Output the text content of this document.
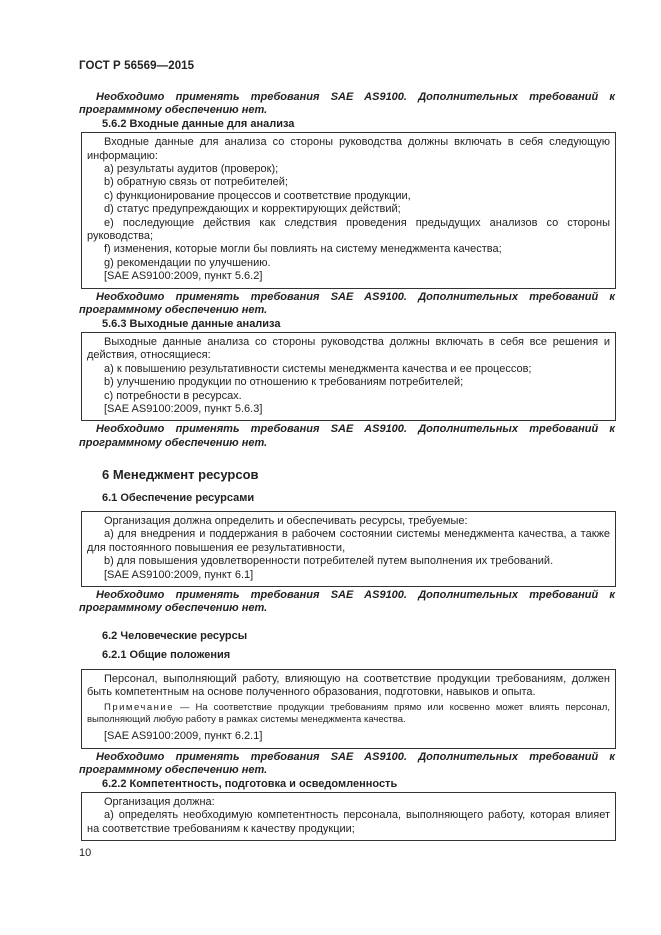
ГОСТ Р 56569—2015

Необходимо применять требования SAE AS9100. Дополнительных требований к программному обеспечению нет.

5.6.2 Входные данные для анализа

Входные данные для анализа со стороны руководства должны включать в себя следующую информацию:

a) результаты аудитов (проверок);

b) обратную связь от потребителей;

c) функционирование процессов и соответствие продукции,

d) статус предупреждающих и корректирующих действий;

e) последующие действия как следствия проведения предыдущих анализов со стороны руководства;

f) изменения, которые могли бы повлиять на систему менеджмента качества;

g) рекомендации по улучшению.

[SAE AS9100:2009, пункт 5.6.2]

Необходимо применять требования SAE AS9100. Дополнительных требований к программному обеспечению нет.

5.6.3 Выходные данные анализа

Выходные данные анализа со стороны руководства должны включать в себя все решения и действия, относящиеся:

a) к повышению результативности системы менеджмента качества и ее процессов;

b) улучшению продукции по отношению к требованиям потребителей;

c) потребности в ресурсах.

[SAE AS9100:2009, пункт 5.6.3]

Необходимо применять требования SAE AS9100. Дополнительных требований к программному обеспечению нет.

6 Менеджмент ресурсов

6.1 Обеспечение ресурсами

Организация должна определить и обеспечивать ресурсы, требуемые:

a) для внедрения и поддержания в рабочем состоянии системы менеджмента качества, а также для постоянного повышения ее результативности,

b) для повышения удовлетворенности потребителей путем выполнения их требований.

[SAE AS9100:2009, пункт 6.1]

Необходимо применять требования SAE AS9100. Дополнительных требований к программному обеспечению нет.

6.2 Человеческие ресурсы

6.2.1 Общие положения

Персонал, выполняющий работу, влияющую на соответствие продукции требованиям, должен быть компетентным на основе полученного образования, подготовки, навыков и опыта.

Примечание — На соответствие продукции требованиям прямо или косвенно может влиять персонал, выполняющий любую работу в рамках системы менеджмента качества.

[SAE AS9100:2009, пункт 6.2.1]

Необходимо применять требования SAE AS9100. Дополнительных требований к программному обеспечению нет.

6.2.2 Компетентность, подготовка и осведомленность

Организация должна:

a) определять необходимую компетентность персонала, выполняющего работу, которая влияет на соответствие требованиям к качеству продукции;

10
